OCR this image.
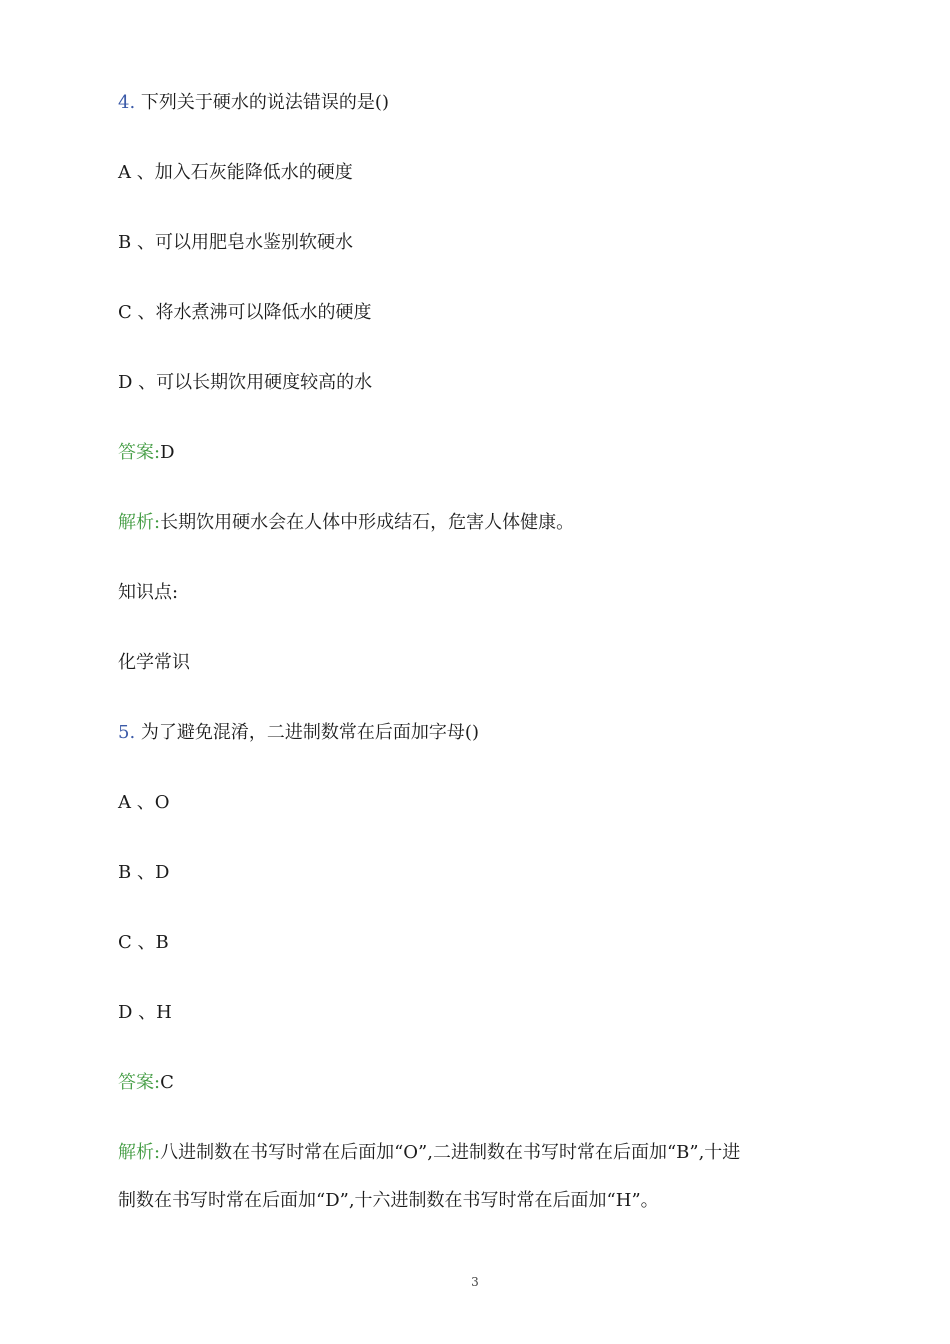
4. 下列关于硬水的说法错误的是()
A 、加入石灰能降低水的硬度
B 、可以用肥皂水鉴别软硬水
C 、将水煮沸可以降低水的硬度
D 、可以长期饮用硬度较高的水
答案:D
解析:长期饮用硬水会在人体中形成结石，危害人体健康。
知识点:
化学常识
5. 为了避免混淆，二进制数常在后面加字母()
A 、O
B 、D
C 、B
D 、H
答案:C
解析:八进制数在书写时常在后面加“O”,二进制数在书写时常在后面加“B”,十进
制数在书写时常在后面加“D”,十六进制数在书写时常在后面加“H”。
3
